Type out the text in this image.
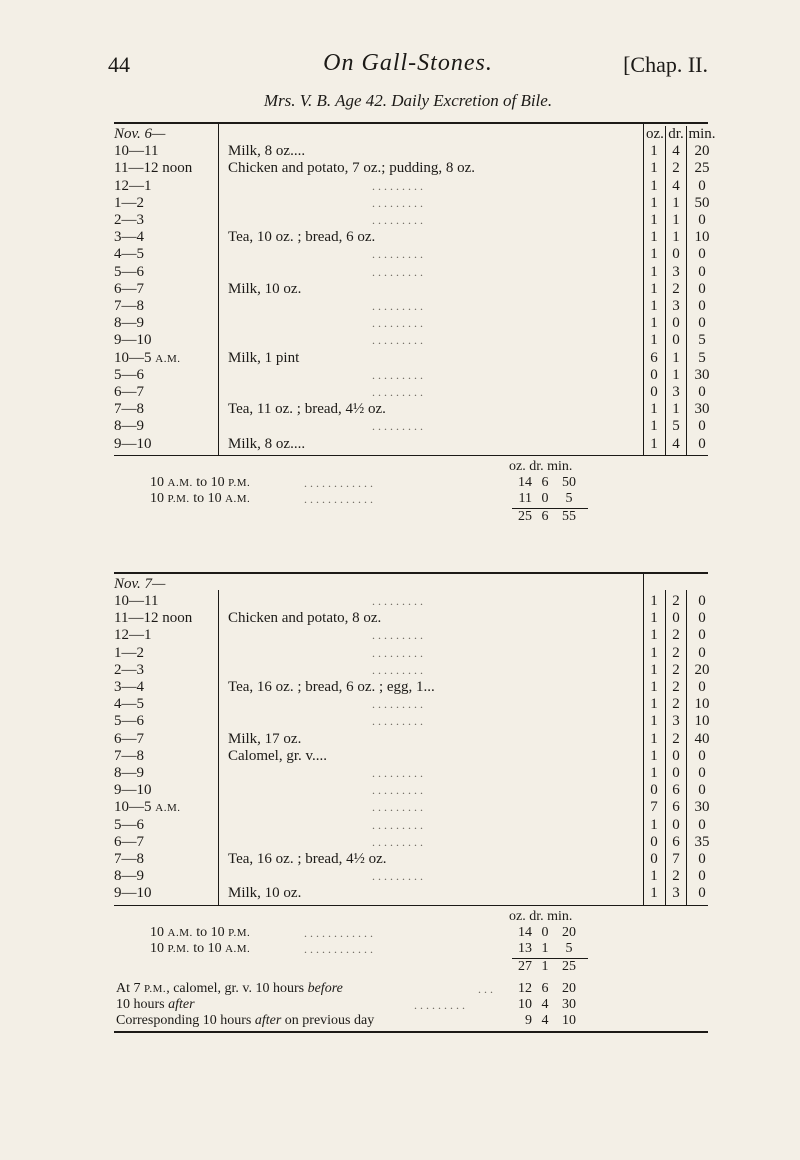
44	On Gall-Stones.	[Chap. II.
Mrs. V. B. Age 42. Daily Excretion of Bile.
Nov. 6—	oz. dr. min.
10—11	Milk, 8 oz....	1 4 20
11—12 noon Chicken and potato, 7 oz.; pudding, 8 oz.	1 2 25
12—1	. . . . . . . . .	1 4	0
1—2	. . . . . . . . .	1 1 50
2—3	. . . . . . . . .	1 1	0
3—4	Tea, 10 oz. ; bread, 6 oz.	1 1 10
4—5	. . . . . . . . .	1 0	0
5—6	. . . . . . . . .	1 3	0
6—7	Milk, 10 oz.	1 2	0
7—8	. . . . . . . . .	1 3	0
8—9	. . . . . . . . .	1 0	0
9—10	. . . . . . . . .	1 0	5
10—5 A.M.	Milk, 1 pint	6 1	5
5—6	. . . . . . . . .	0 1 30
6—7	. . . . . . . . .	0 3	0
7—8	Tea, 11 oz. ; bread, 4½ oz.	1 1 30
8—9	. . . . . . . . .	1 5	0
9—10	Milk, 8 oz....	1 4	0
oz. dr. min.
10 A.M. to 10 P.M.	. . . . . . . . . . . .	14 6 50
10 P.M. to 10 A.M.	. . . . . . . . . . . .	11 0	5
25 6 55
Nov. 7—
10—11	. . . . . . . . .	1 2	0
11—12 noon Chicken and potato, 8 oz.	1 0	0
12—1	. . . . . . . . .	1 2	0
1—2	. . . . . . . . .	1 2	0
2—3	. . . . . . . . .	1 2 20
3—4	Tea, 16 oz. ; bread, 6 oz. ; egg, 1...	1 2	0
4—5	. . . . . . . . .	1 2 10
5—6	. . . . . . . . .	1 3 10
6—7	Milk, 17 oz.	1 2 40
7—8	Calomel, gr. v....	1 0	0
8—9	. . . . . . . . .	1 0	0
9—10	. . . . . . . . .	0 6	0
10—5 A.M.	. . . . . . . . .	7 6 30
5—6	. . . . . . . . .	1 0	0
6—7	. . . . . . . . .	0 6 35
7—8	Tea, 16 oz. ; bread, 4½ oz.	0 7	0
8—9	. . . . . . . . .	1 2	0
9—10	Milk, 10 oz.	1 3	0
oz. dr. min.
10 A.M. to 10 P.M.	. . . . . . . . . . . .	14 0 20
10 P.M. to 10 A.M.	. . . . . . . . . . . .	13 1	5
27 1 25
At 7 P.M., calomel, gr. v. 10 hours before	. . .	12 6 20
10 hours after	. . . . . . . . .	10 4 30
Corresponding 10 hours after on previous day	9 4 10
